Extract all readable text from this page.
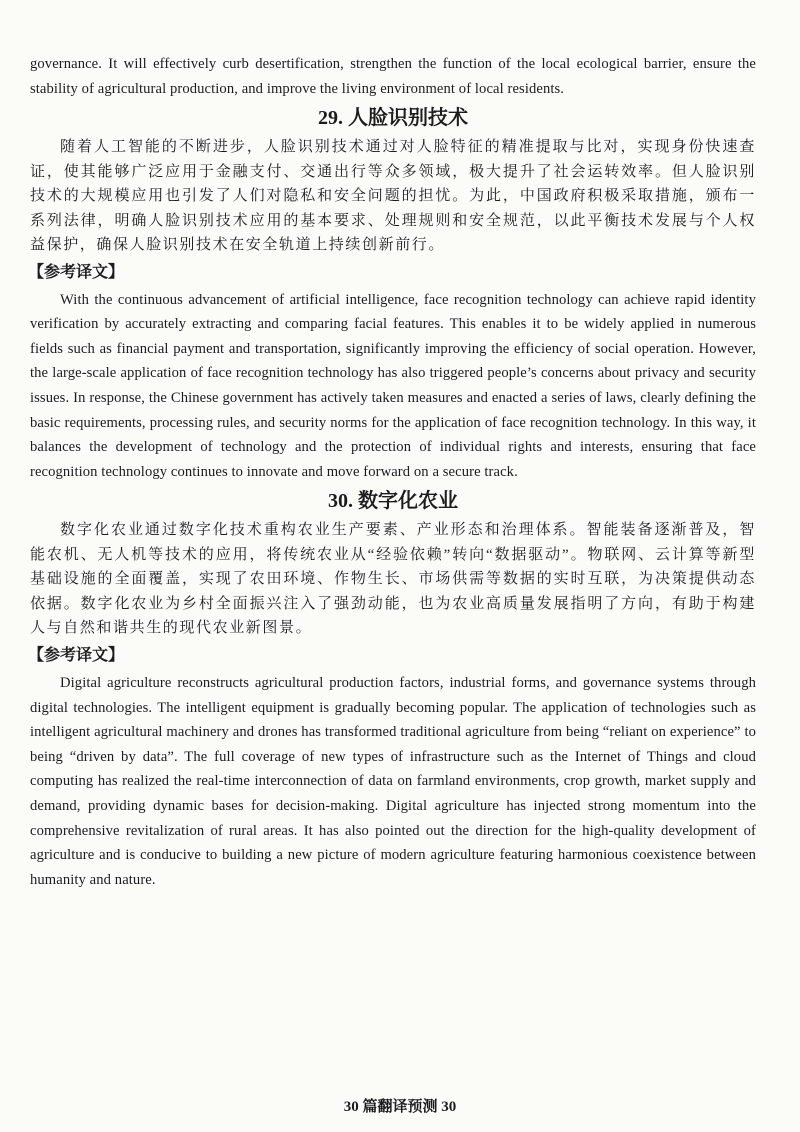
governance. It will effectively curb desertification, strengthen the function of the local ecological barrier, ensure the stability of agricultural production, and improve the living environment of local residents.

29. 人脸识别技术

随着人工智能的不断进步，人脸识别技术通过对人脸特征的精准提取与比对，实现身份快速查证，使其能够广泛应用于金融支付、交通出行等众多领域，极大提升了社会运转效率。但人脸识别技术的大规模应用也引发了人们对隐私和安全问题的担忧。为此，中国政府积极采取措施，颁布一系列法律，明确人脸识别技术应用的基本要求、处理规则和安全规范，以此平衡技术发展与个人权益保护，确保人脸识别技术在安全轨道上持续创新前行。

【参考译文】

With the continuous advancement of artificial intelligence, face recognition technology can achieve rapid identity verification by accurately extracting and comparing facial features. This enables it to be widely applied in numerous fields such as financial payment and transportation, significantly improving the efficiency of social operation. However, the large-scale application of face recognition technology has also triggered people’s concerns about privacy and security issues. In response, the Chinese government has actively taken measures and enacted a series of laws, clearly defining the basic requirements, processing rules, and security norms for the application of face recognition technology. In this way, it balances the development of technology and the protection of individual rights and interests, ensuring that face recognition technology continues to innovate and move forward on a secure track.

30. 数字化农业

数字化农业通过数字化技术重构农业生产要素、产业形态和治理体系。智能装备逐渐普及，智能农机、无人机等技术的应用，将传统农业从“经验依赖”转向“数据驱动”。物联网、云计算等新型基础设施的全面覆盖，实现了农田环境、作物生长、市场供需等数据的实时互联，为决策提供动态依据。数字化农业为乡村全面振兴注入了强劲动能，也为农业高质量发展指明了方向，有助于构建人与自然和谐共生的现代农业新图景。

【参考译文】

Digital agriculture reconstructs agricultural production factors, industrial forms, and governance systems through digital technologies. The intelligent equipment is gradually becoming popular. The application of technologies such as intelligent agricultural machinery and drones has transformed traditional agriculture from being “reliant on experience” to being “driven by data”. The full coverage of new types of infrastructure such as the Internet of Things and cloud computing has realized the real-time interconnection of data on farmland environments, crop growth, market supply and demand, providing dynamic bases for decision-making. Digital agriculture has injected strong momentum into the comprehensive revitalization of rural areas. It has also pointed out the direction for the high-quality development of agriculture and is conducive to building a new picture of modern agriculture featuring harmonious coexistence between humanity and nature.

30 篇翻译预测 30
